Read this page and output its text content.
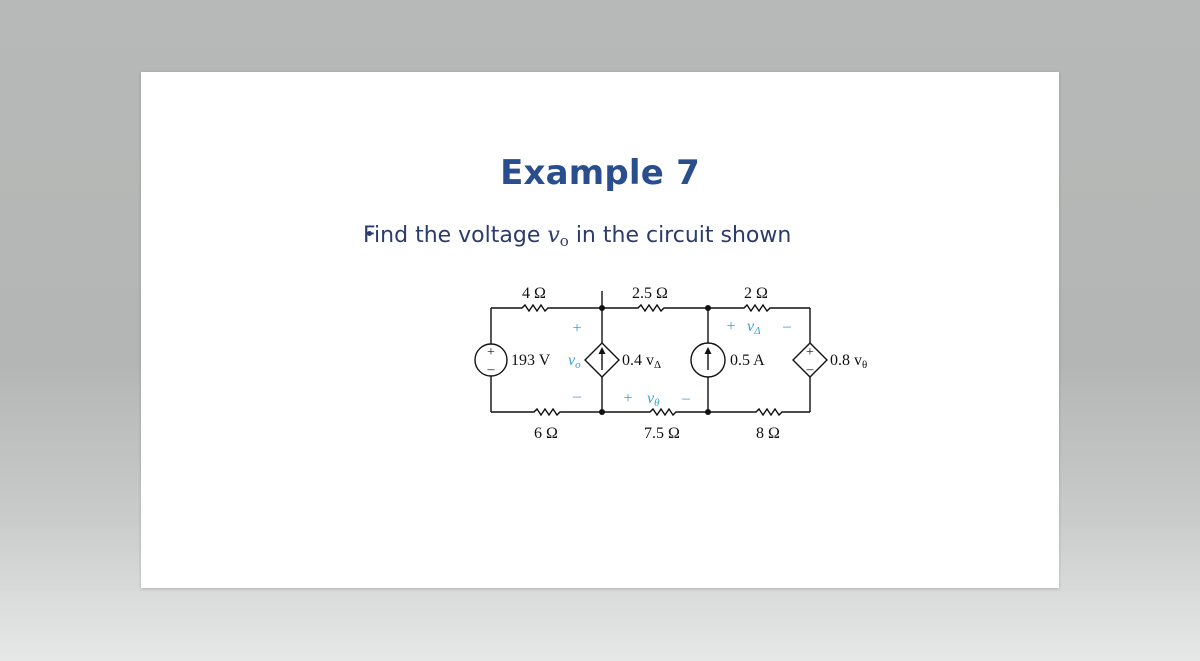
Example 7
Find the voltage vo in the circuit shown
4 Ω	2.5 Ω	2 Ω
6 Ω	7.5 Ω	8 Ω
+
–
193 V	0.4 vΔ	0.5 A	0.8 vθ
+
–
+
vo
–	+ vθ –
+ vΔ –
